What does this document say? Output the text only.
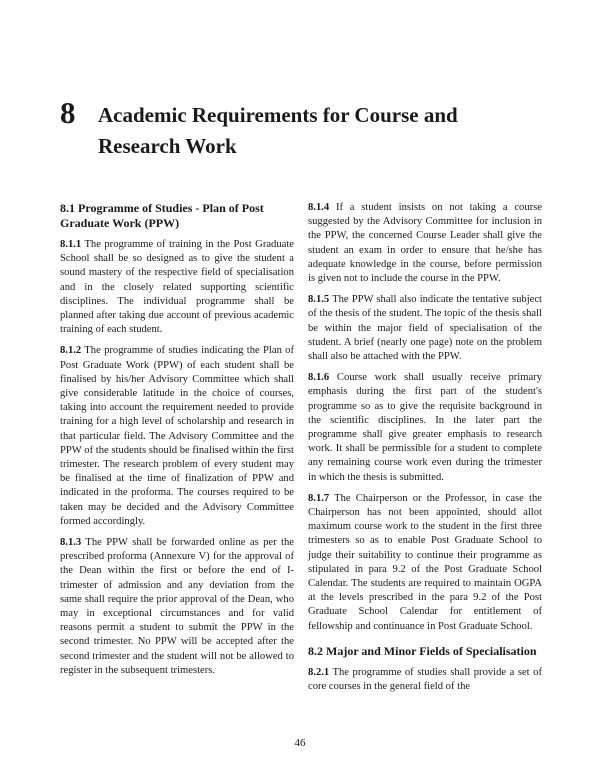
8 Academic Requirements for Course and Research Work
8.1 Programme of Studies - Plan of Post Graduate Work (PPW)

8.1.1 The programme of training in the Post Graduate School shall be so designed as to give the student a sound mastery of the respective field of specialisation and in the closely related supporting scientific disciplines. The individual programme shall be planned after taking due account of previous academic training of each student.

8.1.2 The programme of studies indicating the Plan of Post Graduate Work (PPW) of each student shall be finalised by his/her Advisory Committee which shall give considerable latitude in the choice of courses, taking into account the requirement needed to provide training for a high level of scholarship and research in that particular field. The Advisory Committee and the PPW of the students should be finalised within the first trimester. The research problem of every student may be finalised at the time of finalization of PPW and indicated in the proforma. The courses required to be taken may be decided and the Advisory Committee formed accordingly.

8.1.3 The PPW shall be forwarded online as per the prescribed proforma (Annexure V) for the approval of the Dean within the first or before the end of I-trimester of admission and any deviation from the same shall require the prior approval of the Dean, who may in exceptional circumstances and for valid reasons permit a student to submit the PPW in the second trimester. No PPW will be accepted after the second trimester and the student will not be allowed to register in the subsequent trimesters.

8.1.4 If a student insists on not taking a course suggested by the Advisory Committee for inclusion in the PPW, the concerned Course Leader shall give the student an exam in order to ensure that he/she has adequate knowledge in the course, before permission is given not to include the course in the PPW.

8.1.5 The PPW shall also indicate the tentative subject of the thesis of the student. The topic of the thesis shall be within the major field of specialisation of the student. A brief (nearly one page) note on the problem shall also be attached with the PPW.

8.1.6 Course work shall usually receive primary emphasis during the first part of the student's programme so as to give the requisite background in the scientific disciplines. In the later part the programme shall give greater emphasis to research work. It shall be permissible for a student to complete any remaining course work even during the trimester in which the thesis is submitted.

8.1.7 The Chairperson or the Professor, in case the Chairperson has not been appointed, should allot maximum course work to the student in the first three trimesters so as to enable Post Graduate School to judge their suitability to continue their programme as stipulated in para 9.2 of the Post Graduate School Calendar. The students are required to maintain OGPA at the levels prescribed in the para 9.2 of the Post Graduate School Calendar for entitlement of fellowship and continuance in Post Graduate School.

8.2 Major and Minor Fields of Specialisation

8.2.1 The programme of studies shall provide a set of core courses in the general field of the

46
